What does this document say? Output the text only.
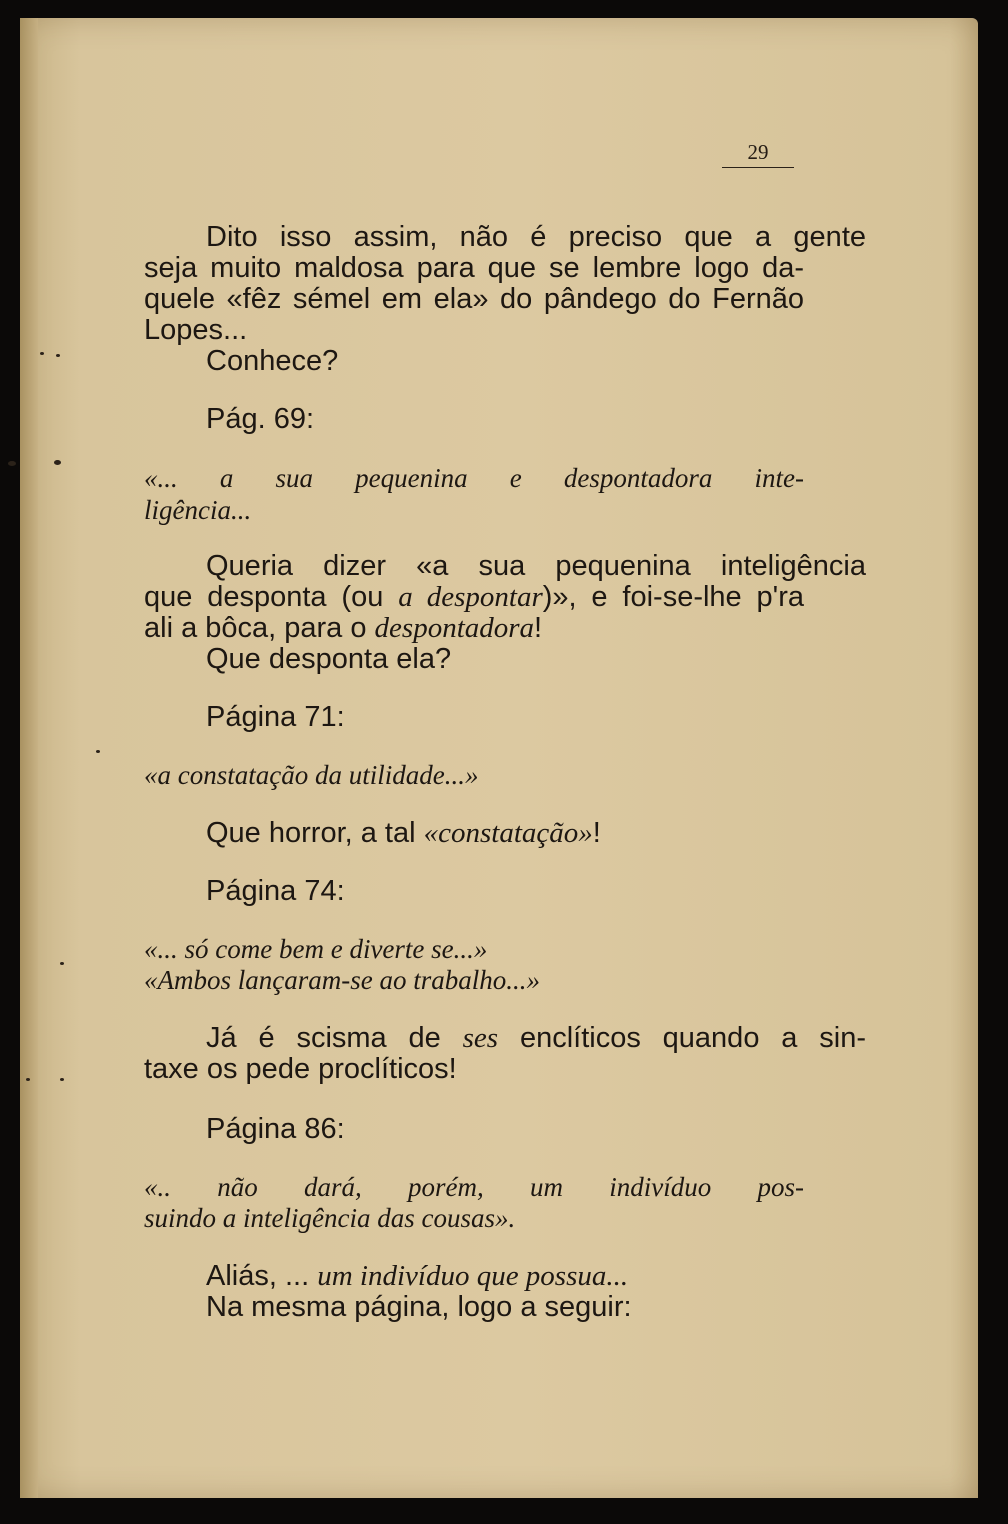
29

Dito isso assim, não é preciso que a gente

seja muito maldosa para que se lembre logo da-

quele «fêz sémel em ela» do pândego do Fernão

Lopes...

Conhece?

Pág. 69:

«... a sua pequenina e despontadora inte-

ligência...

Queria dizer «a sua pequenina inteligência

que desponta (ou a despontar)», e foi-se-lhe p'ra

ali a bôca, para o despontadora!

Que desponta ela?

Página 71:

«a constatação da utilidade...»

Que horror, a tal «constatação»!

Página 74:

«... só come bem e diverte se...»

«Ambos lançaram-se ao trabalho...»

Já é scisma de ses enclíticos quando a sin-

taxe os pede proclíticos!

Página 86:

«.. não dará, porém, um indivíduo pos-

suindo a inteligência das cousas».

Aliás, ... um indivíduo que possua...

Na mesma página, logo a seguir:
